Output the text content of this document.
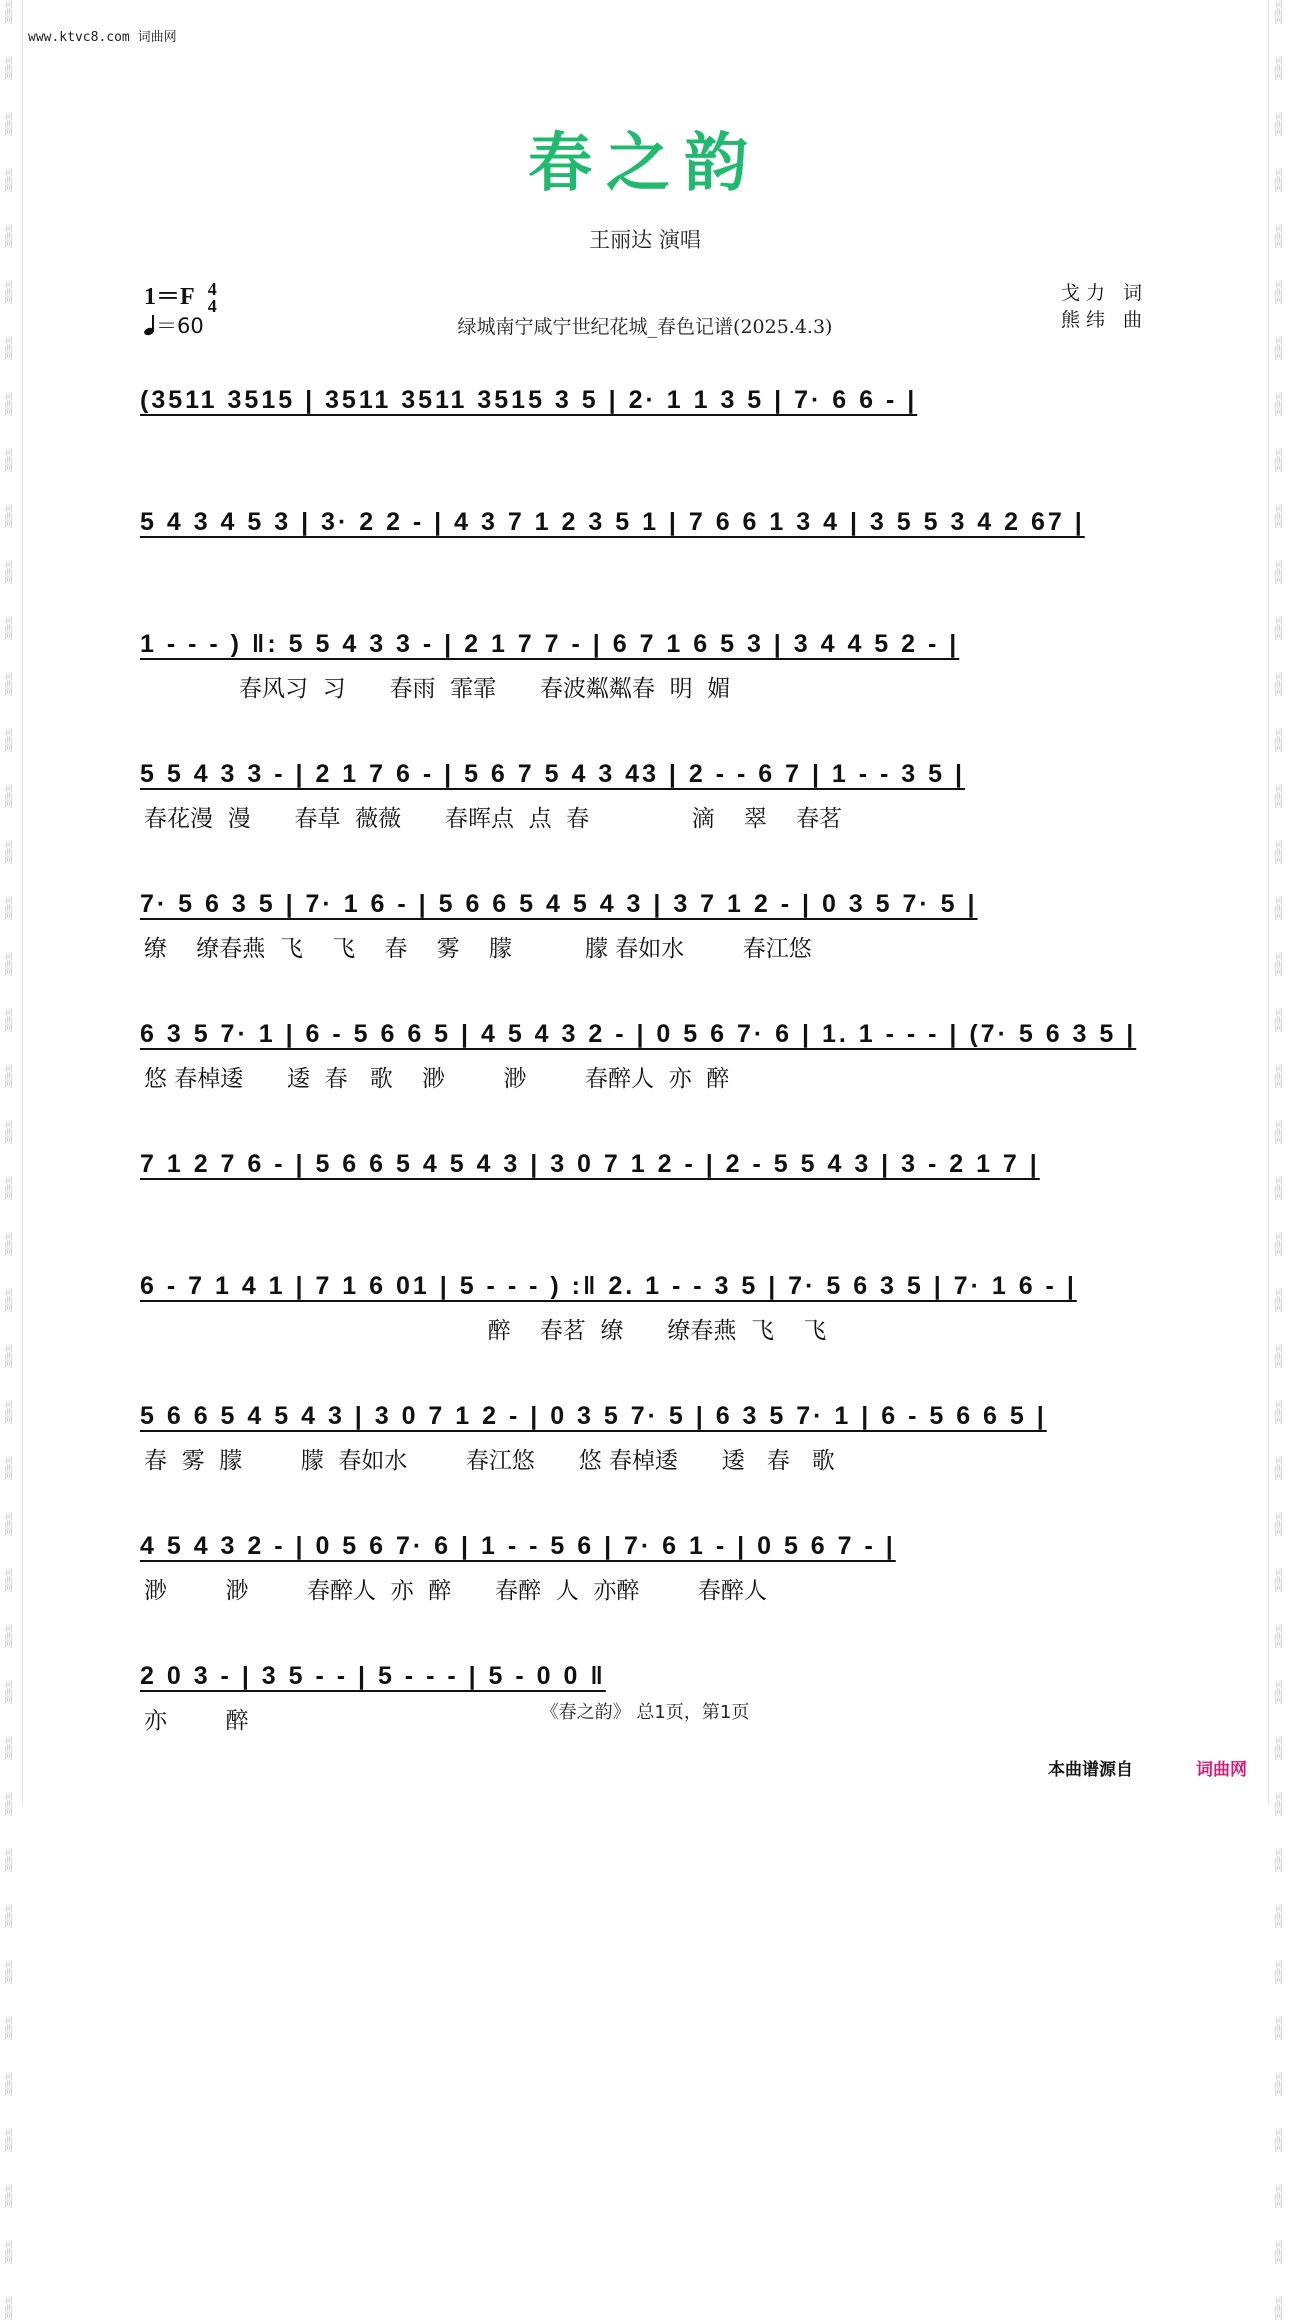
词曲网
词曲网
词曲网
词曲网
词曲网
词曲网
词曲网
词曲网
词曲网
词曲网
词曲网
词曲网
词曲网
词曲网
词曲网
词曲网
词曲网
词曲网
词曲网
词曲网
词曲网
词曲网
词曲网
词曲网
词曲网
词曲网
词曲网
词曲网
词曲网
词曲网
词曲网
词曲网
词曲网
词曲网
词曲网
词曲网
词曲网
词曲网
词曲网
词曲网
词曲网
词曲网
词曲网
词曲网
词曲网
词曲网
词曲网
词曲网
词曲网
词曲网
词曲网
词曲网
词曲网
词曲网
词曲网
词曲网
词曲网
词曲网
词曲网
词曲网
词曲网
词曲网
词曲网
词曲网
词曲网
词曲网
词曲网
词曲网
词曲网
词曲网
词曲网
词曲网
词曲网
词曲网
词曲网
词曲网
词曲网
词曲网
词曲网
词曲网
词曲网
词曲网
词曲网
词曲网
www.ktvc8.com 词曲网
春之韵
王丽达 演唱
1＝F 4
4
＝60	绿城南宁咸宁世纪花城_春色记谱(2025.4.3)
戈力 词
熊纬 曲
(3511 3515 | 3511 3511 3515 3 5 | 2· 1 1 3 5 | 7· 6 6 - |
5 4 3 4 5 3 | 3· 2 2 - | 4 3 7 1 2 3 5 1 | 7 6 6 1 3 4 | 3 5 5 3 4 2 67 |
1 - - - ) ‖: 5 5 4 3 3 - | 2 1 7 7 - | 6 7 1 6 5 3 | 3 4 4 5 2 - |
春风习  习      春雨  霏霏      春波粼粼春  明  媚
5 5 4 3 3 - | 2 1 7 6 - | 5 6 7 5 4 3 43 | 2 - - 6 7 | 1 - - 3 5 |
春花漫  漫      春草  薇薇      春晖点  点  春              滴    翠    春茗
7· 5 6 3 5 | 7· 1 6 - | 5 6 6 5 4 5 4 3 | 3 7 1 2 - | 0 3 5 7· 5 |
缭    缭春燕  飞    飞    春    雾    朦          朦 春如水        春江悠
6 3 5 7· 1 | 6 - 5 6 6 5 | 4 5 4 3 2 - | 0 5 6 7· 6 | 1. 1 - - - | (7· 5 6 3 5 |
悠 春棹逶      逶  春   歌    渺        渺        春醉人  亦  醉
7 1 2 7 6 - | 5 6 6 5 4 5 4 3 | 3 0 7 1 2 - | 2 - 5 5 4 3 | 3 - 2 1 7 |
6 - 7 1 4 1 | 7 1 6 01 | 5 - - - ) :‖ 2. 1 - - 3 5 | 7· 5 6 3 5 | 7· 1 6 - |
醉    春茗  缭      缭春燕  飞    飞
5 6 6 5 4 5 4 3 | 3 0 7 1 2 - | 0 3 5 7· 5 | 6 3 5 7· 1 | 6 - 5 6 6 5 |
春  雾  朦        朦  春如水        春江悠      悠 春棹逶      逶   春   歌
4 5 4 3 2 - | 0 5 6 7· 6 | 1 - - 5 6 | 7· 6 1 - | 0 5 6 7 - |
渺        渺        春醉人  亦  醉      春醉  人  亦醉        春醉人
2 0 3 - | 3 5 - - | 5 - - - | 5 - 0 0 ‖
亦        醉	《春之韵》 总1页，第1页
本曲谱源自	词曲网
